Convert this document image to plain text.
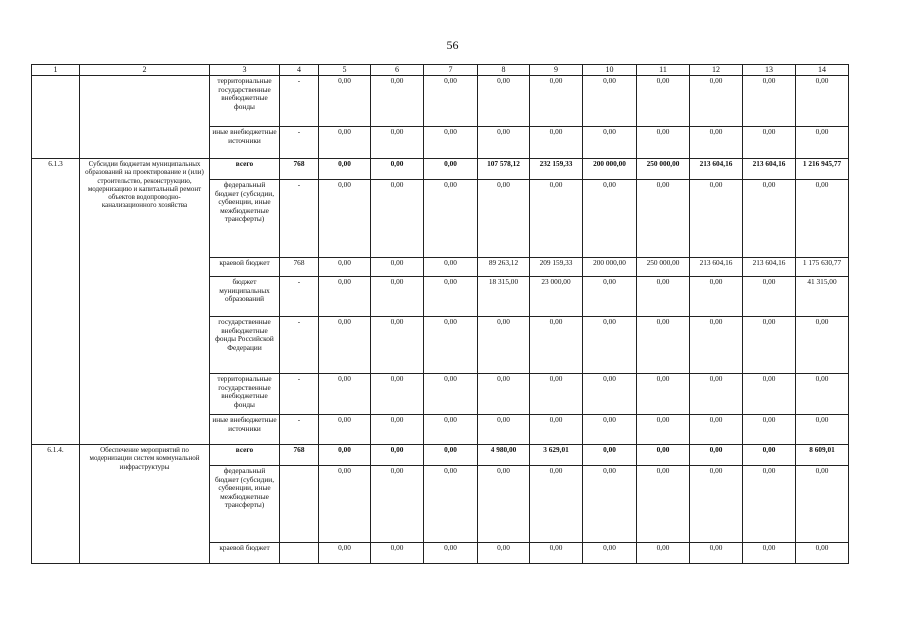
56
1	2	3	4	5	6	7	8	9	10	11	12	13	14
		территориальные государственные внебюджетные фонды	-	0,00	0,00	0,00	0,00	0,00	0,00	0,00	0,00	0,00	0,00
		иные внебюджетные источники	-	0,00	0,00	0,00	0,00	0,00	0,00	0,00	0,00	0,00	0,00
6.1.3	Субсидии бюджетам муниципальных образований на проектирование и (или) строительство, реконструкцию, модернизацию и капитальный ремонт объектов водопроводно-канализационного хозяйства	всего	768	0,00	0,00	0,00	107 578,12	232 159,33	200 000,00	250 000,00	213 604,16	213 604,16	1 216 945,77
		федеральный бюджет (субсидии, субвенции, иные межбюджетные трансферты)	-	0,00	0,00	0,00	0,00	0,00	0,00	0,00	0,00	0,00	0,00
		краевой бюджет	768	0,00	0,00	0,00	89 263,12	209 159,33	200 000,00	250 000,00	213 604,16	213 604,16	1 175 630,77
		бюджет муниципальных образований	-	0,00	0,00	0,00	18 315,00	23 000,00	0,00	0,00	0,00	0,00	41 315,00
		государственные внебюджетные фонды Российской Федерации	-	0,00	0,00	0,00	0,00	0,00	0,00	0,00	0,00	0,00	0,00
		территориальные государственные внебюджетные фонды	-	0,00	0,00	0,00	0,00	0,00	0,00	0,00	0,00	0,00	0,00
		иные внебюджетные источники	-	0,00	0,00	0,00	0,00	0,00	0,00	0,00	0,00	0,00	0,00
6.1.4.	Обеспечение мероприятий по модернизации систем коммунальной инфраструктуры	всего	768	0,00	0,00	0,00	4 980,00	3 629,01	0,00	0,00	0,00	0,00	8 609,01
		федеральный бюджет (субсидии, субвенции, иные межбюджетные трансферты)		0,00	0,00	0,00	0,00	0,00	0,00	0,00	0,00	0,00	0,00
		краевой бюджет		0,00	0,00	0,00	0,00	0,00	0,00	0,00	0,00	0,00	0,00
